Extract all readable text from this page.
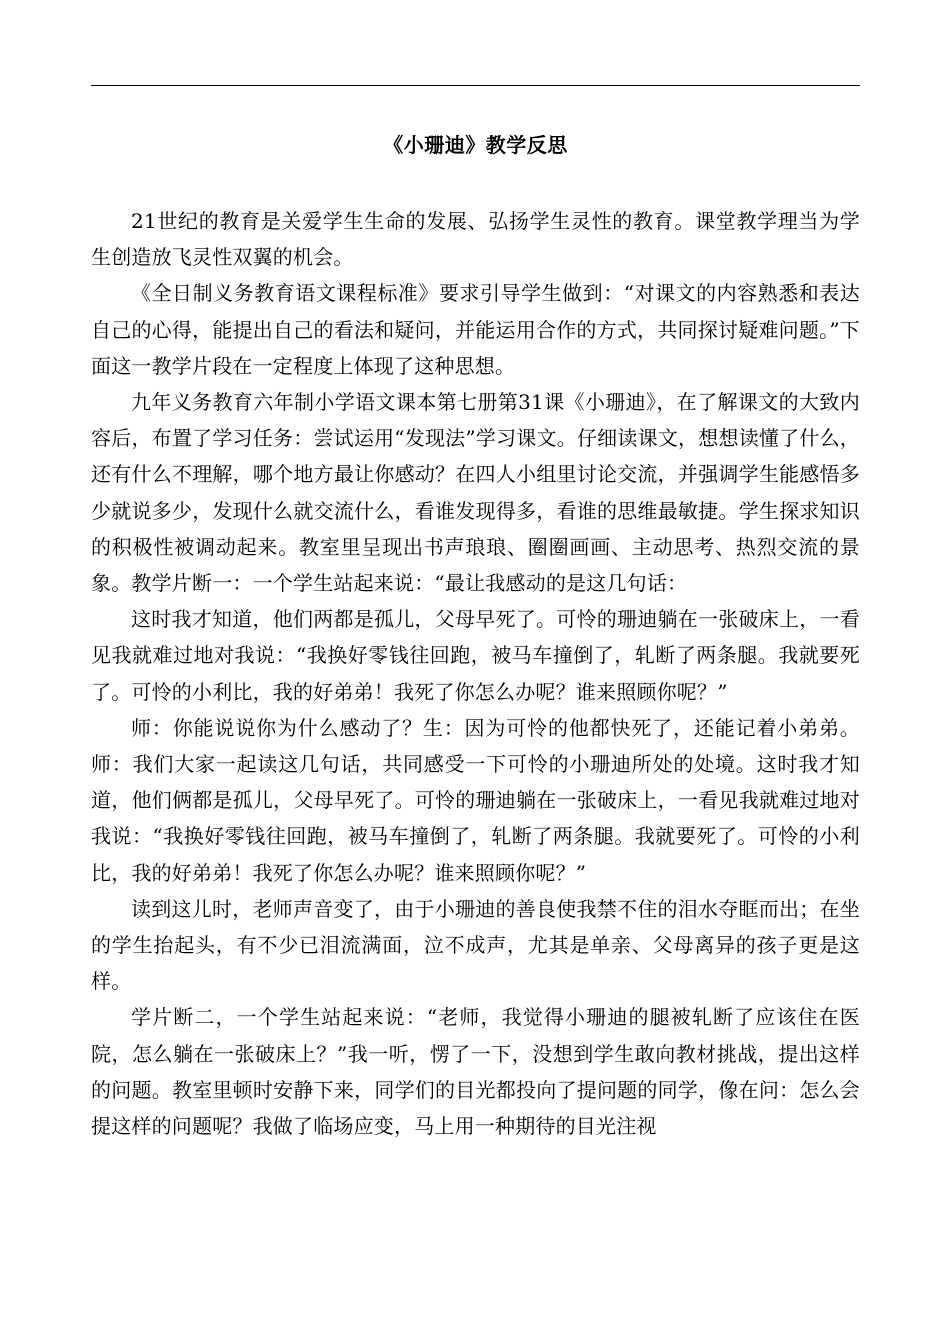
《小珊迪》教学反思

21世纪的教育是关爱学生生命的发展、弘扬学生灵性的教育。课堂教学理当为学生创造放飞灵性双翼的机会。

《全日制义务教育语文课程标准》要求引导学生做到：“对课文的内容熟悉和表达自己的心得，能提出自己的看法和疑问，并能运用合作的方式，共同探讨疑难问题。”下面这一教学片段在一定程度上体现了这种思想。

九年义务教育六年制小学语文课本第七册第31课《小珊迪》，在了解课文的大致内容后，布置了学习任务：尝试运用“发现法”学习课文。仔细读课文，想想读懂了什么，还有什么不理解，哪个地方最让你感动？在四人小组里讨论交流，并强调学生能感悟多少就说多少，发现什么就交流什么，看谁发现得多，看谁的思维最敏捷。学生探求知识的积极性被调动起来。教室里呈现出书声琅琅、圈圈画画、主动思考、热烈交流的景象。教学片断一：一个学生站起来说：“最让我感动的是这几句话：

这时我才知道，他们两都是孤儿，父母早死了。可怜的珊迪躺在一张破床上，一看见我就难过地对我说：“我换好零钱往回跑，被马车撞倒了，轧断了两条腿。我就要死了。可怜的小利比，我的好弟弟！我死了你怎么办呢？谁来照顾你呢？”

师：你能说说你为什么感动了？生：因为可怜的他都快死了，还能记着小弟弟。师：我们大家一起读这几句话，共同感受一下可怜的小珊迪所处的处境。这时我才知道，他们俩都是孤儿，父母早死了。可怜的珊迪躺在一张破床上，一看见我就难过地对我说：“我换好零钱往回跑，被马车撞倒了，轧断了两条腿。我就要死了。可怜的小利比，我的好弟弟！我死了你怎么办呢？谁来照顾你呢？”

读到这儿时，老师声音变了，由于小珊迪的善良使我禁不住的泪水夺眶而出；在坐的学生抬起头，有不少已泪流满面，泣不成声，尤其是单亲、父母离异的孩子更是这样。

学片断二，一个学生站起来说：“老师，我觉得小珊迪的腿被轧断了应该住在医院，怎么躺在一张破床上？”我一听，愣了一下，没想到学生敢向教材挑战，提出这样的问题。教室里顿时安静下来，同学们的目光都投向了提问题的同学，像在问：怎么会提这样的问题呢？我做了临场应变，马上用一种期待的目光注视
